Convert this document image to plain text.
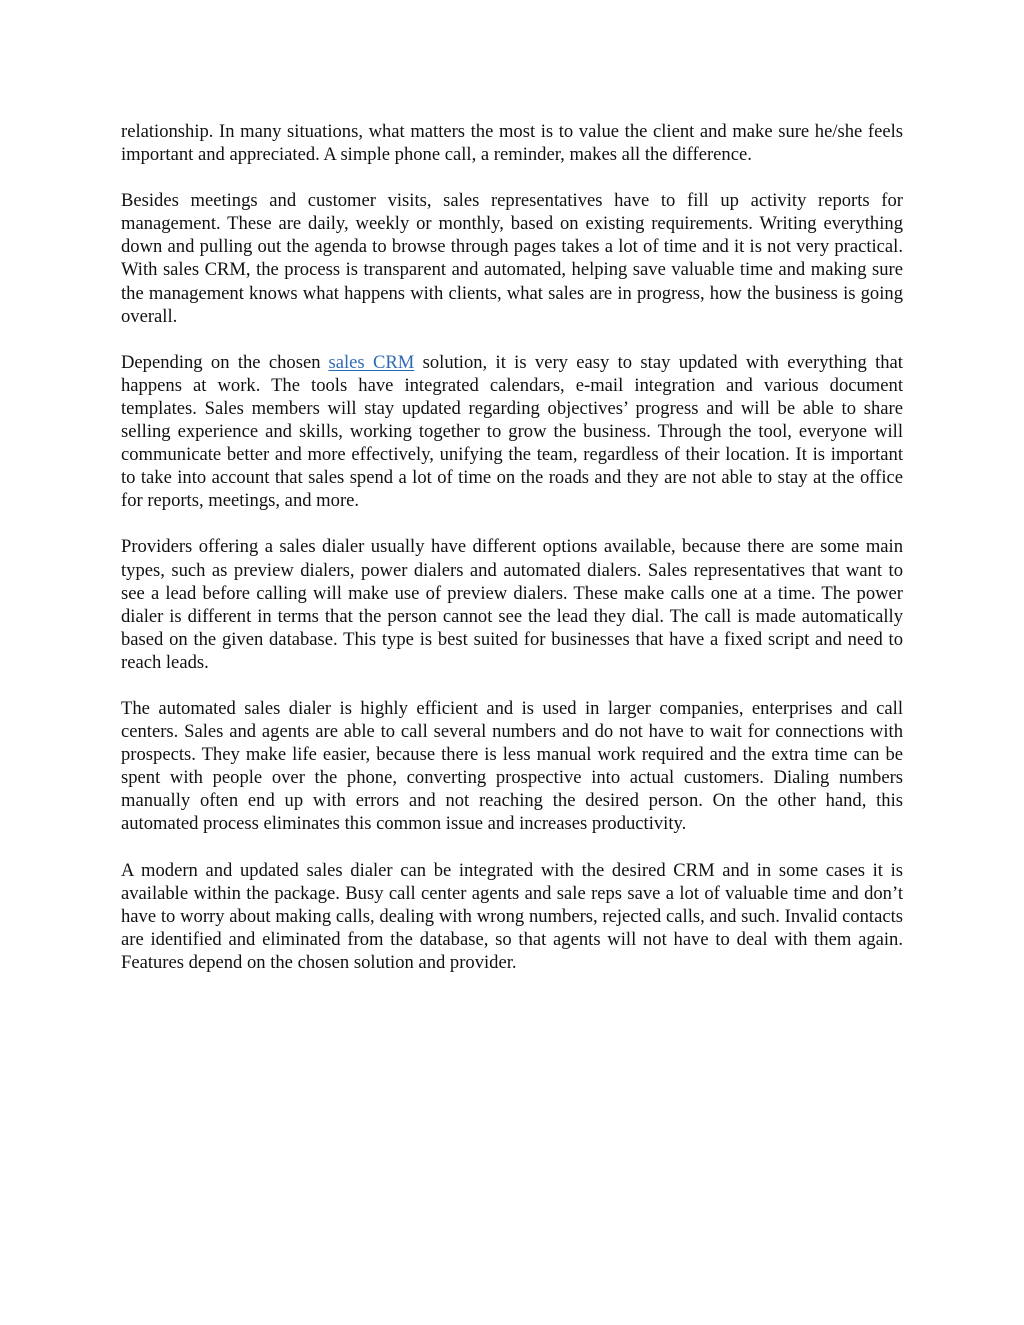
relationship. In many situations, what matters the most is to value the client and make sure he/she feels important and appreciated. A simple phone call, a reminder, makes all the difference.

Besides meetings and customer visits, sales representatives have to fill up activity reports for management. These are daily, weekly or monthly, based on existing requirements. Writing everything down and pulling out the agenda to browse through pages takes a lot of time and it is not very practical. With sales CRM, the process is transparent and automated, helping save valuable time and making sure the management knows what happens with clients, what sales are in progress, how the business is going overall.

Depending on the chosen sales CRM solution, it is very easy to stay updated with everything that happens at work. The tools have integrated calendars, e-mail integration and various document templates. Sales members will stay updated regarding objectives’ progress and will be able to share selling experience and skills, working together to grow the business. Through the tool, everyone will communicate better and more effectively, unifying the team, regardless of their location. It is important to take into account that sales spend a lot of time on the roads and they are not able to stay at the office for reports, meetings, and more.

Providers offering a sales dialer usually have different options available, because there are some main types, such as preview dialers, power dialers and automated dialers. Sales representatives that want to see a lead before calling will make use of preview dialers. These make calls one at a time. The power dialer is different in terms that the person cannot see the lead they dial. The call is made automatically based on the given database. This type is best suited for businesses that have a fixed script and need to reach leads.

The automated sales dialer is highly efficient and is used in larger companies, enterprises and call centers. Sales and agents are able to call several numbers and do not have to wait for connections with prospects. They make life easier, because there is less manual work required and the extra time can be spent with people over the phone, converting prospective into actual customers. Dialing numbers manually often end up with errors and not reaching the desired person. On the other hand, this automated process eliminates this common issue and increases productivity.

A modern and updated sales dialer can be integrated with the desired CRM and in some cases it is available within the package. Busy call center agents and sale reps save a lot of valuable time and don’t have to worry about making calls, dealing with wrong numbers, rejected calls, and such. Invalid contacts are identified and eliminated from the database, so that agents will not have to deal with them again. Features depend on the chosen solution and provider.
